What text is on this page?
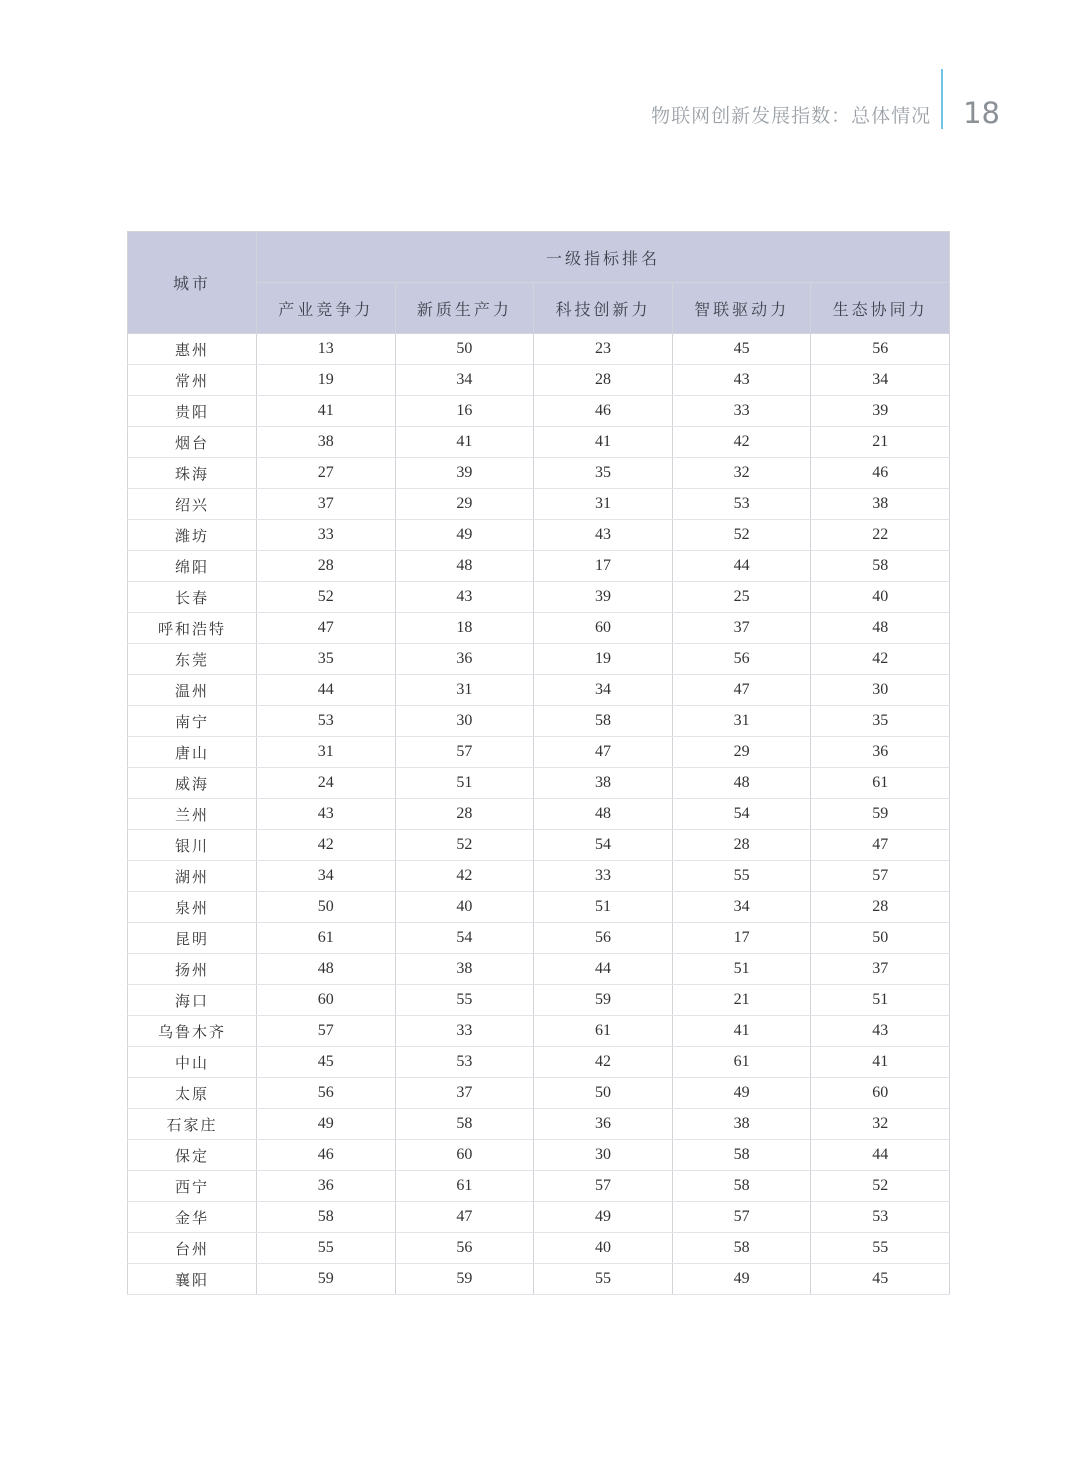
物联网创新发展指数：总体情况 18
城市	一级指标排名				
	产业竞争力	新质生产力	科技创新力	智联驱动力	生态协同力
惠州	13	50	23	45	56
常州	19	34	28	43	34
贵阳	41	16	46	33	39
烟台	38	41	41	42	21
珠海	27	39	35	32	46
绍兴	37	29	31	53	38
潍坊	33	49	43	52	22
绵阳	28	48	17	44	58
长春	52	43	39	25	40
呼和浩特	47	18	60	37	48
东莞	35	36	19	56	42
温州	44	31	34	47	30
南宁	53	30	58	31	35
唐山	31	57	47	29	36
威海	24	51	38	48	61
兰州	43	28	48	54	59
银川	42	52	54	28	47
湖州	34	42	33	55	57
泉州	50	40	51	34	28
昆明	61	54	56	17	50
扬州	48	38	44	51	37
海口	60	55	59	21	51
乌鲁木齐	57	33	61	41	43
中山	45	53	42	61	41
太原	56	37	50	49	60
石家庄	49	58	36	38	32
保定	46	60	30	58	44
西宁	36	61	57	58	52
金华	58	47	49	57	53
台州	55	56	40	58	55
襄阳	59	59	55	49	45
